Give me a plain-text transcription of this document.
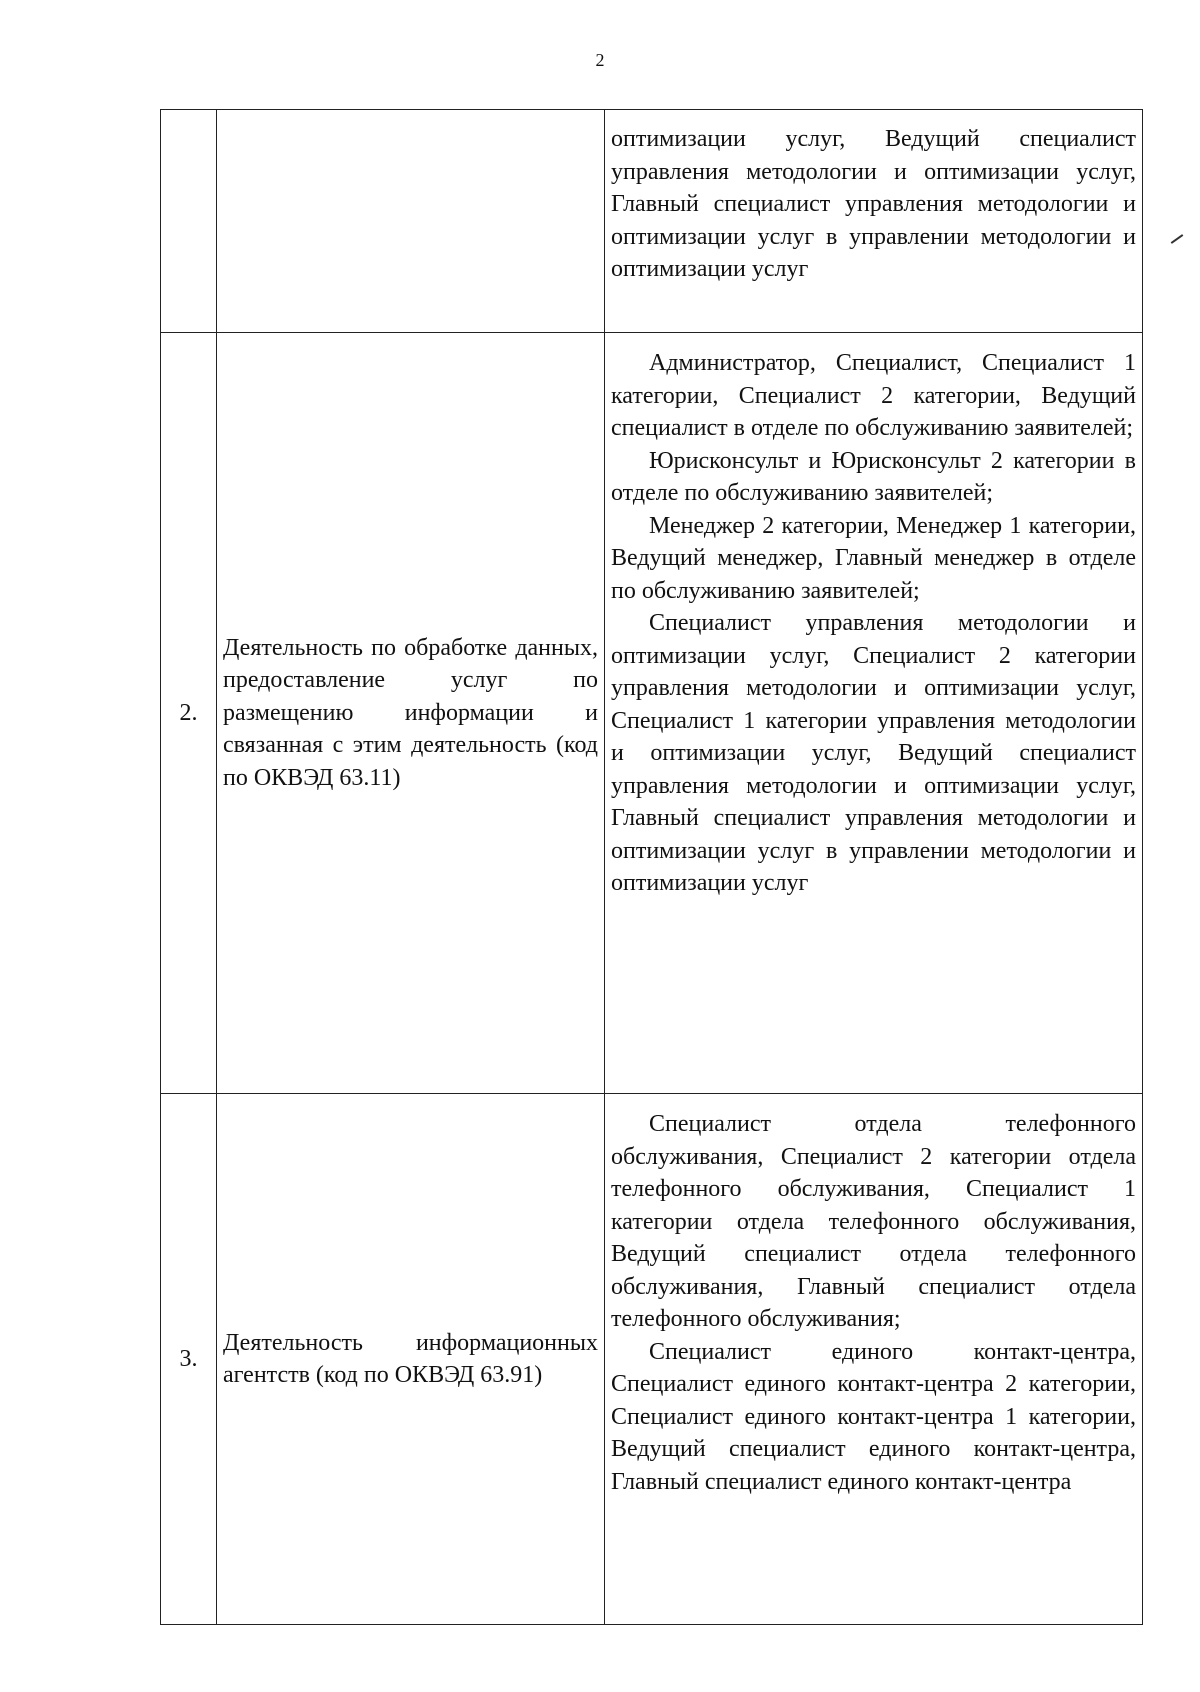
2

		оптимизации услуг, Ведущий специалист управления методологии и оптимизации услуг, Главный специалист управления методологии и оптимизации услуг в управлении методологии и оптимизации услуг

2.	Деятельность по обработке данных, предоставление услуг по размещению информации и связанная с этим деятельность (код по ОКВЭД 63.11)	Администратор, Специалист, Специалист 1 категории, Специалист 2 категории, Ведущий специалист в отделе по обслуживанию заявителей;

Юрисконсульт и Юрисконсульт 2 категории в отделе по обслуживанию заявителей;

Менеджер 2 категории, Менеджер 1 категории, Ведущий менеджер, Главный менеджер в отделе по обслуживанию заявителей;

Специалист управления методологии и оптимизации услуг, Специалист 2 категории управления методологии и оптимизации услуг, Специалист 1 категории управления методологии и оптимизации услуг, Ведущий специалист управления методологии и оптимизации услуг, Главный специалист управления методологии и оптимизации услуг в управлении методологии и оптимизации услуг

3.	Деятельность информационных агентств (код по ОКВЭД 63.91)	Специалист отдела телефонного обслуживания, Специалист 2 категории отдела телефонного обслуживания, Специалист 1 категории отдела телефонного обслуживания, Ведущий специалист отдела телефонного обслуживания, Главный специалист отдела телефонного обслуживания;

Специалист единого контакт-центра, Специалист единого контакт-центра 2 категории, Специалист единого контакт-центра 1 категории, Ведущий специалист единого контакт-центра, Главный специалист единого контакт-центра
